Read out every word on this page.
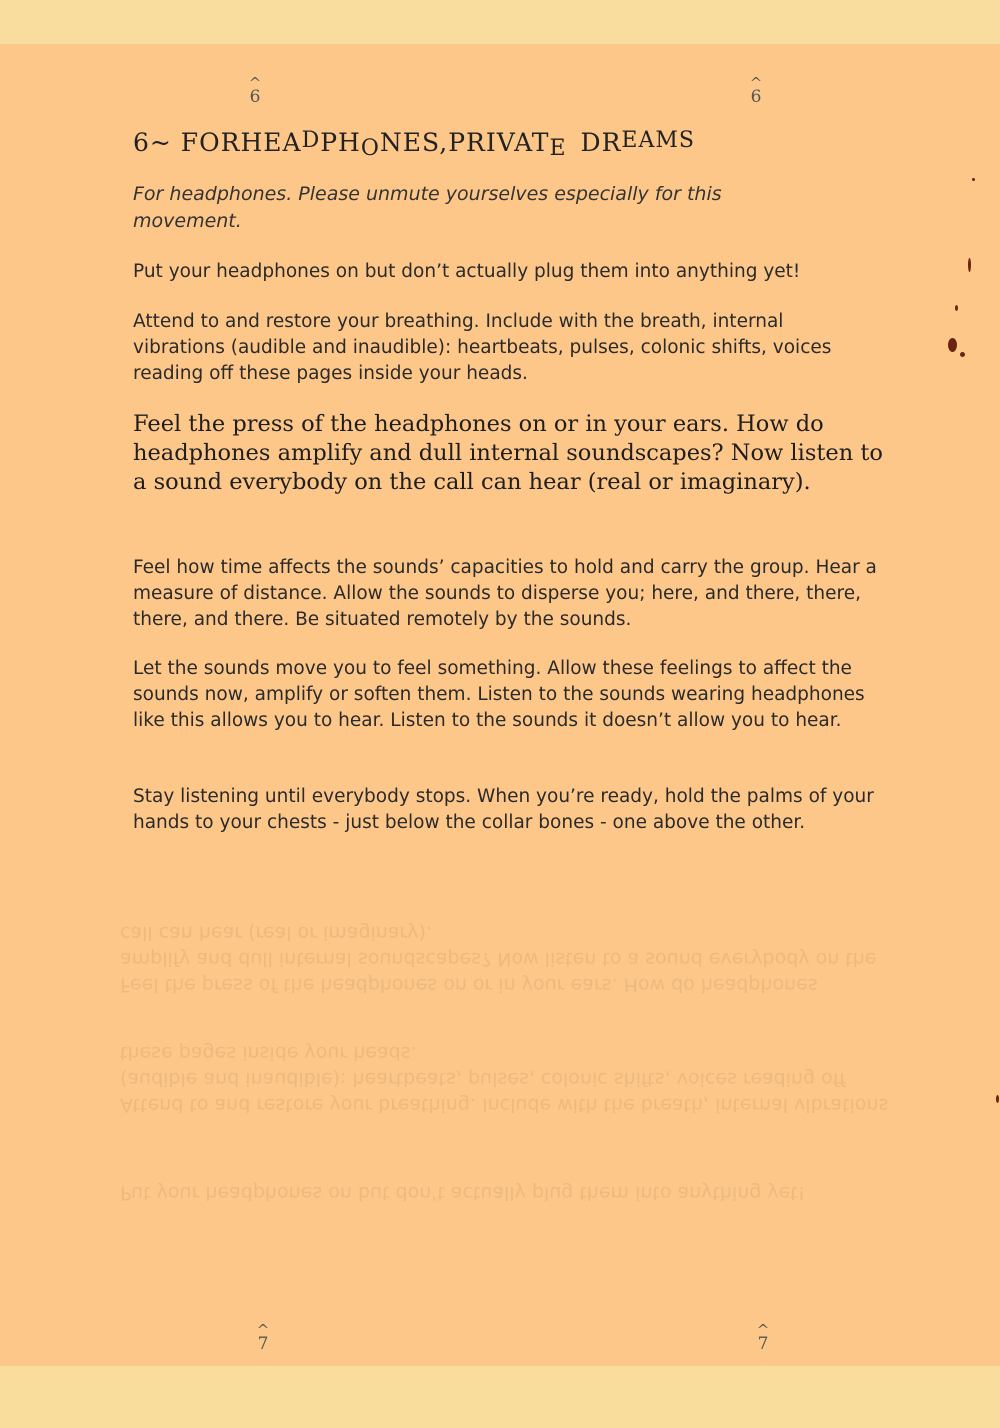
Feel the press of the headphones on or in your ears. How do headphones amplify and dull internal soundscapes? Now listen to a sound everybody on the call can hear (real or imaginary).
Attend to and restore your breathing. Include with the breath, internal vibrations (audible and inaudible): heartbeats, pulses, colonic shifts, voices reading off these pages inside your heads.
Put your headphones on but don’t actually plug them into anything yet!
^
6
^
6
^
7
^
7
6~ FORHEADPHONES,PRIVATE DREAMS
For headphones. Please unmute yourselves especially for this movement.
Put your headphones on but don’t actually plug them into anything yet!
Attend to and restore your breathing. Include with the breath, internal vibrations (audible and inaudible): heartbeats, pulses, colonic shifts, voices reading off these pages inside your heads.
Feel the press of the headphones on or in your ears. How do headphones amplify and dull internal soundscapes? Now listen to a sound everybody on the call can hear (real or imaginary).
Feel how time affects the sounds’ capacities to hold and carry the group. Hear a measure of distance. Allow the sounds to disperse you; here, and there, there, there, and there. Be situated remotely by the sounds.
Let the sounds move you to feel something. Allow these feelings to affect the sounds now, amplify or soften them. Listen to the sounds wearing headphones like this allows you to hear. Listen to the sounds it doesn’t allow you to hear.
Stay listening until everybody stops. When you’re ready, hold the palms of your hands to your chests - just below the collar bones - one above the other.
